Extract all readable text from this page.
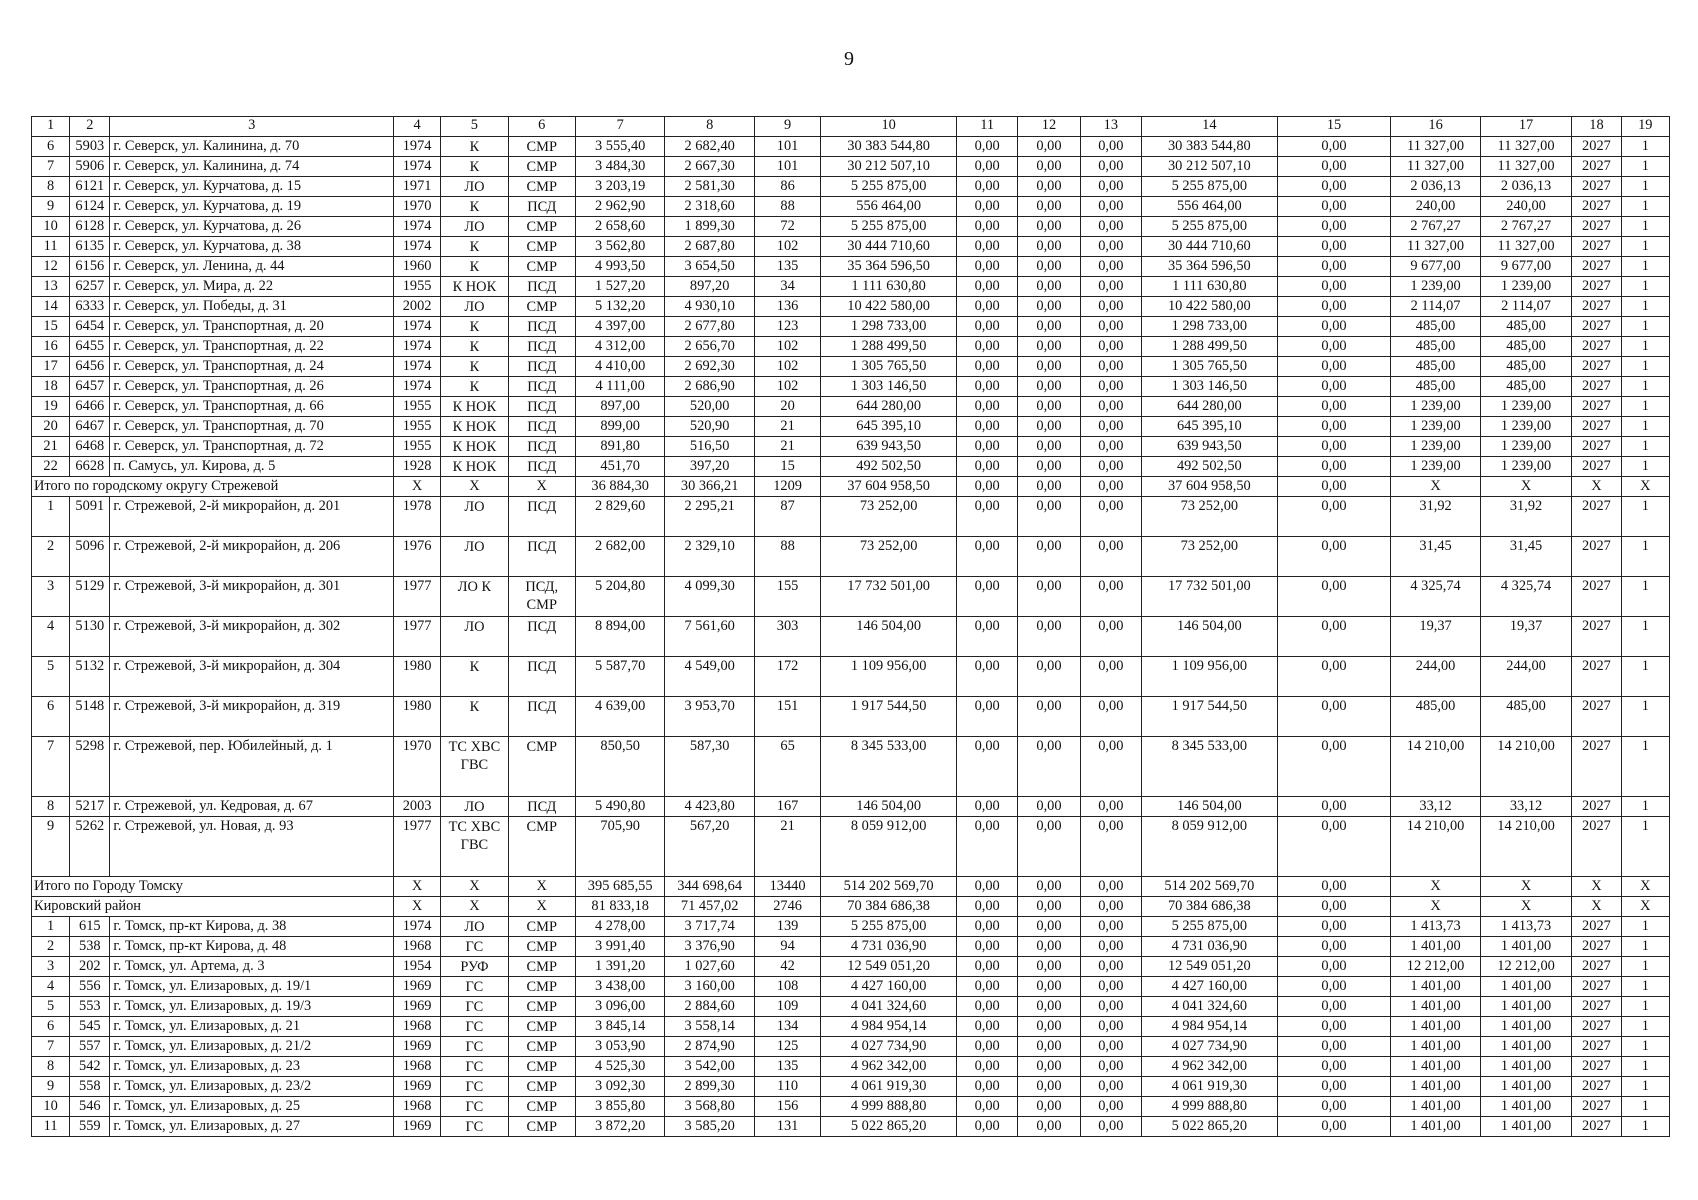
9
1	2	3	4	5	6	7	8	9	10	11	12	13	14	15	16	17	18	19
6	5903	г. Северск, ул. Калинина, д. 70	1974	К	СМР	3 555,40	2 682,40	101	30 383 544,80	0,00	0,00	0,00	30 383 544,80	0,00	11 327,00	11 327,00	2027	1
7	5906	г. Северск, ул. Калинина, д. 74	1974	К	СМР	3 484,30	2 667,30	101	30 212 507,10	0,00	0,00	0,00	30 212 507,10	0,00	11 327,00	11 327,00	2027	1
8	6121	г. Северск, ул. Курчатова, д. 15	1971	ЛО	СМР	3 203,19	2 581,30	86	5 255 875,00	0,00	0,00	0,00	5 255 875,00	0,00	2 036,13	2 036,13	2027	1
9	6124	г. Северск, ул. Курчатова, д. 19	1970	К	ПСД	2 962,90	2 318,60	88	556 464,00	0,00	0,00	0,00	556 464,00	0,00	240,00	240,00	2027	1
10	6128	г. Северск, ул. Курчатова, д. 26	1974	ЛО	СМР	2 658,60	1 899,30	72	5 255 875,00	0,00	0,00	0,00	5 255 875,00	0,00	2 767,27	2 767,27	2027	1
11	6135	г. Северск, ул. Курчатова, д. 38	1974	К	СМР	3 562,80	2 687,80	102	30 444 710,60	0,00	0,00	0,00	30 444 710,60	0,00	11 327,00	11 327,00	2027	1
12	6156	г. Северск, ул. Ленина, д. 44	1960	К	СМР	4 993,50	3 654,50	135	35 364 596,50	0,00	0,00	0,00	35 364 596,50	0,00	9 677,00	9 677,00	2027	1
13	6257	г. Северск, ул. Мира, д. 22	1955	К НОК	ПСД	1 527,20	897,20	34	1 111 630,80	0,00	0,00	0,00	1 111 630,80	0,00	1 239,00	1 239,00	2027	1
14	6333	г. Северск, ул. Победы, д. 31	2002	ЛО	СМР	5 132,20	4 930,10	136	10 422 580,00	0,00	0,00	0,00	10 422 580,00	0,00	2 114,07	2 114,07	2027	1
15	6454	г. Северск, ул. Транспортная, д. 20	1974	К	ПСД	4 397,00	2 677,80	123	1 298 733,00	0,00	0,00	0,00	1 298 733,00	0,00	485,00	485,00	2027	1
16	6455	г. Северск, ул. Транспортная, д. 22	1974	К	ПСД	4 312,00	2 656,70	102	1 288 499,50	0,00	0,00	0,00	1 288 499,50	0,00	485,00	485,00	2027	1
17	6456	г. Северск, ул. Транспортная, д. 24	1974	К	ПСД	4 410,00	2 692,30	102	1 305 765,50	0,00	0,00	0,00	1 305 765,50	0,00	485,00	485,00	2027	1
18	6457	г. Северск, ул. Транспортная, д. 26	1974	К	ПСД	4 111,00	2 686,90	102	1 303 146,50	0,00	0,00	0,00	1 303 146,50	0,00	485,00	485,00	2027	1
19	6466	г. Северск, ул. Транспортная, д. 66	1955	К НОК	ПСД	897,00	520,00	20	644 280,00	0,00	0,00	0,00	644 280,00	0,00	1 239,00	1 239,00	2027	1
20	6467	г. Северск, ул. Транспортная, д. 70	1955	К НОК	ПСД	899,00	520,90	21	645 395,10	0,00	0,00	0,00	645 395,10	0,00	1 239,00	1 239,00	2027	1
21	6468	г. Северск, ул. Транспортная, д. 72	1955	К НОК	ПСД	891,80	516,50	21	639 943,50	0,00	0,00	0,00	639 943,50	0,00	1 239,00	1 239,00	2027	1
22	6628	п. Самусь, ул. Кирова, д. 5	1928	К НОК	ПСД	451,70	397,20	15	492 502,50	0,00	0,00	0,00	492 502,50	0,00	1 239,00	1 239,00	2027	1
Итого по городскому округу Стрежевой			Х	Х	Х	36 884,30	30 366,21	1209	37 604 958,50	0,00	0,00	0,00	37 604 958,50	0,00	Х	Х	Х	Х
1	5091	г. Стрежевой, 2-й микрорайон, д. 201	1978	ЛО	ПСД	2 829,60	2 295,21	87	73 252,00	0,00	0,00	0,00	73 252,00	0,00	31,92	31,92	2027	1
2	5096	г. Стрежевой, 2-й микрорайон, д. 206	1976	ЛО	ПСД	2 682,00	2 329,10	88	73 252,00	0,00	0,00	0,00	73 252,00	0,00	31,45	31,45	2027	1
3	5129	г. Стрежевой, 3-й микрорайон, д. 301	1977	ЛО К	ПСД, СМР	5 204,80	4 099,30	155	17 732 501,00	0,00	0,00	0,00	17 732 501,00	0,00	4 325,74	4 325,74	2027	1
4	5130	г. Стрежевой, 3-й микрорайон, д. 302	1977	ЛО	ПСД	8 894,00	7 561,60	303	146 504,00	0,00	0,00	0,00	146 504,00	0,00	19,37	19,37	2027	1
5	5132	г. Стрежевой, 3-й микрорайон, д. 304	1980	К	ПСД	5 587,70	4 549,00	172	1 109 956,00	0,00	0,00	0,00	1 109 956,00	0,00	244,00	244,00	2027	1
6	5148	г. Стрежевой, 3-й микрорайон, д. 319	1980	К	ПСД	4 639,00	3 953,70	151	1 917 544,50	0,00	0,00	0,00	1 917 544,50	0,00	485,00	485,00	2027	1
7	5298	г. Стрежевой, пер. Юбилейный, д. 1	1970	ТС ХВС ГВС	СМР	850,50	587,30	65	8 345 533,00	0,00	0,00	0,00	8 345 533,00	0,00	14 210,00	14 210,00	2027	1
8	5217	г. Стрежевой, ул. Кедровая, д. 67	2003	ЛО	ПСД	5 490,80	4 423,80	167	146 504,00	0,00	0,00	0,00	146 504,00	0,00	33,12	33,12	2027	1
9	5262	г. Стрежевой, ул. Новая, д. 93	1977	ТС ХВС ГВС	СМР	705,90	567,20	21	8 059 912,00	0,00	0,00	0,00	8 059 912,00	0,00	14 210,00	14 210,00	2027	1
Итого по Городу Томску			Х	Х	Х	395 685,55	344 698,64	13440	514 202 569,70	0,00	0,00	0,00	514 202 569,70	0,00	Х	Х	Х	Х
Кировский район			Х	Х	Х	81 833,18	71 457,02	2746	70 384 686,38	0,00	0,00	0,00	70 384 686,38	0,00	Х	Х	Х	Х
1	615	г. Томск, пр-кт Кирова, д. 38	1974	ЛО	СМР	4 278,00	3 717,74	139	5 255 875,00	0,00	0,00	0,00	5 255 875,00	0,00	1 413,73	1 413,73	2027	1
2	538	г. Томск, пр-кт Кирова, д. 48	1968	ГС	СМР	3 991,40	3 376,90	94	4 731 036,90	0,00	0,00	0,00	4 731 036,90	0,00	1 401,00	1 401,00	2027	1
3	202	г. Томск, ул. Артема, д. 3	1954	РУФ	СМР	1 391,20	1 027,60	42	12 549 051,20	0,00	0,00	0,00	12 549 051,20	0,00	12 212,00	12 212,00	2027	1
4	556	г. Томск, ул. Елизаровых, д. 19/1	1969	ГС	СМР	3 438,00	3 160,00	108	4 427 160,00	0,00	0,00	0,00	4 427 160,00	0,00	1 401,00	1 401,00	2027	1
5	553	г. Томск, ул. Елизаровых, д. 19/3	1969	ГС	СМР	3 096,00	2 884,60	109	4 041 324,60	0,00	0,00	0,00	4 041 324,60	0,00	1 401,00	1 401,00	2027	1
6	545	г. Томск, ул. Елизаровых, д. 21	1968	ГС	СМР	3 845,14	3 558,14	134	4 984 954,14	0,00	0,00	0,00	4 984 954,14	0,00	1 401,00	1 401,00	2027	1
7	557	г. Томск, ул. Елизаровых, д. 21/2	1969	ГС	СМР	3 053,90	2 874,90	125	4 027 734,90	0,00	0,00	0,00	4 027 734,90	0,00	1 401,00	1 401,00	2027	1
8	542	г. Томск, ул. Елизаровых, д. 23	1968	ГС	СМР	4 525,30	3 542,00	135	4 962 342,00	0,00	0,00	0,00	4 962 342,00	0,00	1 401,00	1 401,00	2027	1
9	558	г. Томск, ул. Елизаровых, д. 23/2	1969	ГС	СМР	3 092,30	2 899,30	110	4 061 919,30	0,00	0,00	0,00	4 061 919,30	0,00	1 401,00	1 401,00	2027	1
10	546	г. Томск, ул. Елизаровых, д. 25	1968	ГС	СМР	3 855,80	3 568,80	156	4 999 888,80	0,00	0,00	0,00	4 999 888,80	0,00	1 401,00	1 401,00	2027	1
11	559	г. Томск, ул. Елизаровых, д. 27	1969	ГС	СМР	3 872,20	3 585,20	131	5 022 865,20	0,00	0,00	0,00	5 022 865,20	0,00	1 401,00	1 401,00	2027	1
